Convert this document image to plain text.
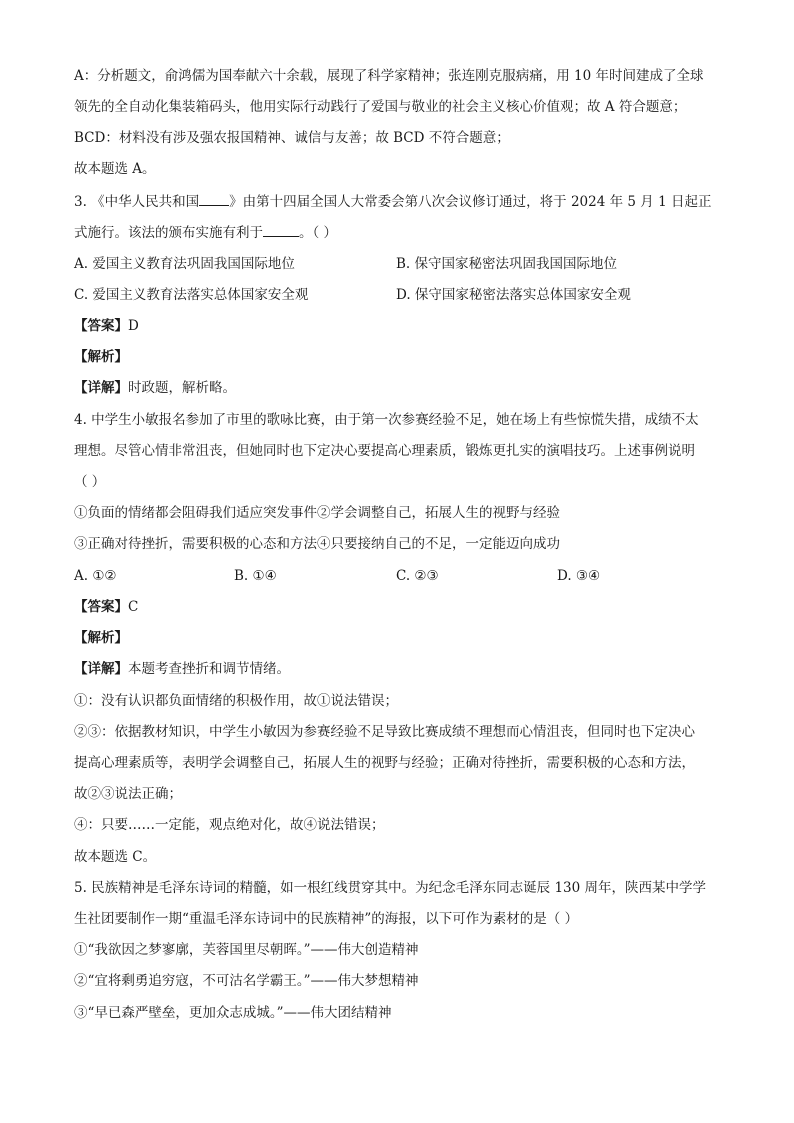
A：分析题文，俞鸿儒为国奉献六十余载，展现了科学家精神；张连刚克服病痛，用 10 年时间建成了全球
领先的全自动化集装箱码头，他用实际行动践行了爱国与敬业的社会主义核心价值观；故 A 符合题意；
BCD：材料没有涉及强农报国精神、诚信与友善；故 BCD 不符合题意；
故本题选 A。
3. 《中华人民共和国 》由第十四届全国人大常委会第八次会议修订通过，将于 2024 年 5 月 1 日起正
式施行。该法的颁布实施有利于	。（ ）
A. 爱国主义教育法巩固我国国际地位	B. 保守国家秘密法巩固我国国际地位
C. 爱国主义教育法落实总体国家安全观	D. 保守国家秘密法落实总体国家安全观
【答案】D
【解析】
【详解】时政题，解析略。
4. 中学生小敏报名参加了市里的歌咏比赛，由于第一次参赛经验不足，她在场上有些惊慌失措，成绩不太
理想。尽管心情非常沮丧，但她同时也下定决心要提高心理素质，锻炼更扎实的演唱技巧。上述事例说明
（ ）
①负面的情绪都会阻碍我们适应突发事件②学会调整自己，拓展人生的视野与经验
③正确对待挫折，需要积极的心态和方法④只要接纳自己的不足，一定能迈向成功
A. ①②	B. ①④	C. ②③	D. ③④
【答案】C
【解析】
【详解】本题考查挫折和调节情绪。
①：没有认识都负面情绪的积极作用，故①说法错误；
②③：依据教材知识，中学生小敏因为参赛经验不足导致比赛成绩不理想而心情沮丧，但同时也下定决心
提高心理素质等，表明学会调整自己，拓展人生的视野与经验；正确对待挫折，需要积极的心态和方法，
故②③说法正确；
④：只要……一定能，观点绝对化，故④说法错误；
故本题选 C。
5. 民族精神是毛泽东诗词的精髓，如一根红线贯穿其中。为纪念毛泽东同志诞辰 130 周年，陕西某中学学
生社团要制作一期“重温毛泽东诗词中的民族精神”的海报，以下可作为素材的是（ ）
①“我欲因之梦寥廓，芙蓉国里尽朝晖。”——伟大创造精神
②“宜将剩勇追穷寇，不可沽名学霸王。”——伟大梦想精神
③“早已森严壁垒，更加众志成城。”——伟大团结精神
